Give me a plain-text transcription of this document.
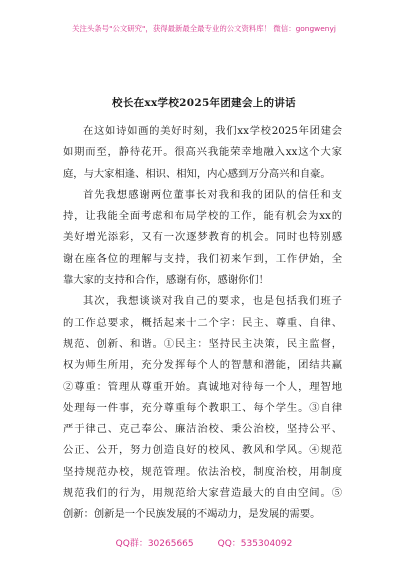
关注头条号"公文研究"，获得最新最全最专业的公文资料库！ 微信：gongwenyj
校长在xx学校2025年团建会上的讲话
在这如诗如画的美好时刻，我们xx学校2025年团建会
如期而至，静待花开。很高兴我能荣幸地融入xx这个大家
庭，与大家相逢、相识、相知，内心感到万分高兴和自豪。
首先我想感谢两位董事长对我和我的团队的信任和支
持，让我能全面考虑和布局学校的工作，能有机会为xx的
美好增光添彩，又有一次逐梦教育的机会。同时也特别感
谢在座各位的理解与支持，我们初来乍到，工作伊始，全
靠大家的支持和合作，感谢有你，感谢你们！
其次，我想谈谈对我自己的要求，也是包括我们班子
的工作总要求，概括起来十二个字：民主、尊重、自律、
规范、创新、和谐。①民主：坚持民主决策，民主监督，
权为师生所用，充分发挥每个人的智慧和潜能，团结共赢
②尊重：管理从尊重开始。真诚地对待每一个人，理智地
处理每一件事，充分尊重每个教职工、每个学生。③自律
严于律己、克己奉公、廉洁治校、秉公治校，坚持公平、
公正、公开，努力创造良好的校风、教风和学风。④规范
坚持规范办校，规范管理。依法治校，制度治校，用制度
规范我们的行为，用规范给大家营造最大的自由空间。⑤
创新：创新是一个民族发展的不竭动力，是发展的需要。
QQ群：30265665	QQ：535304092
